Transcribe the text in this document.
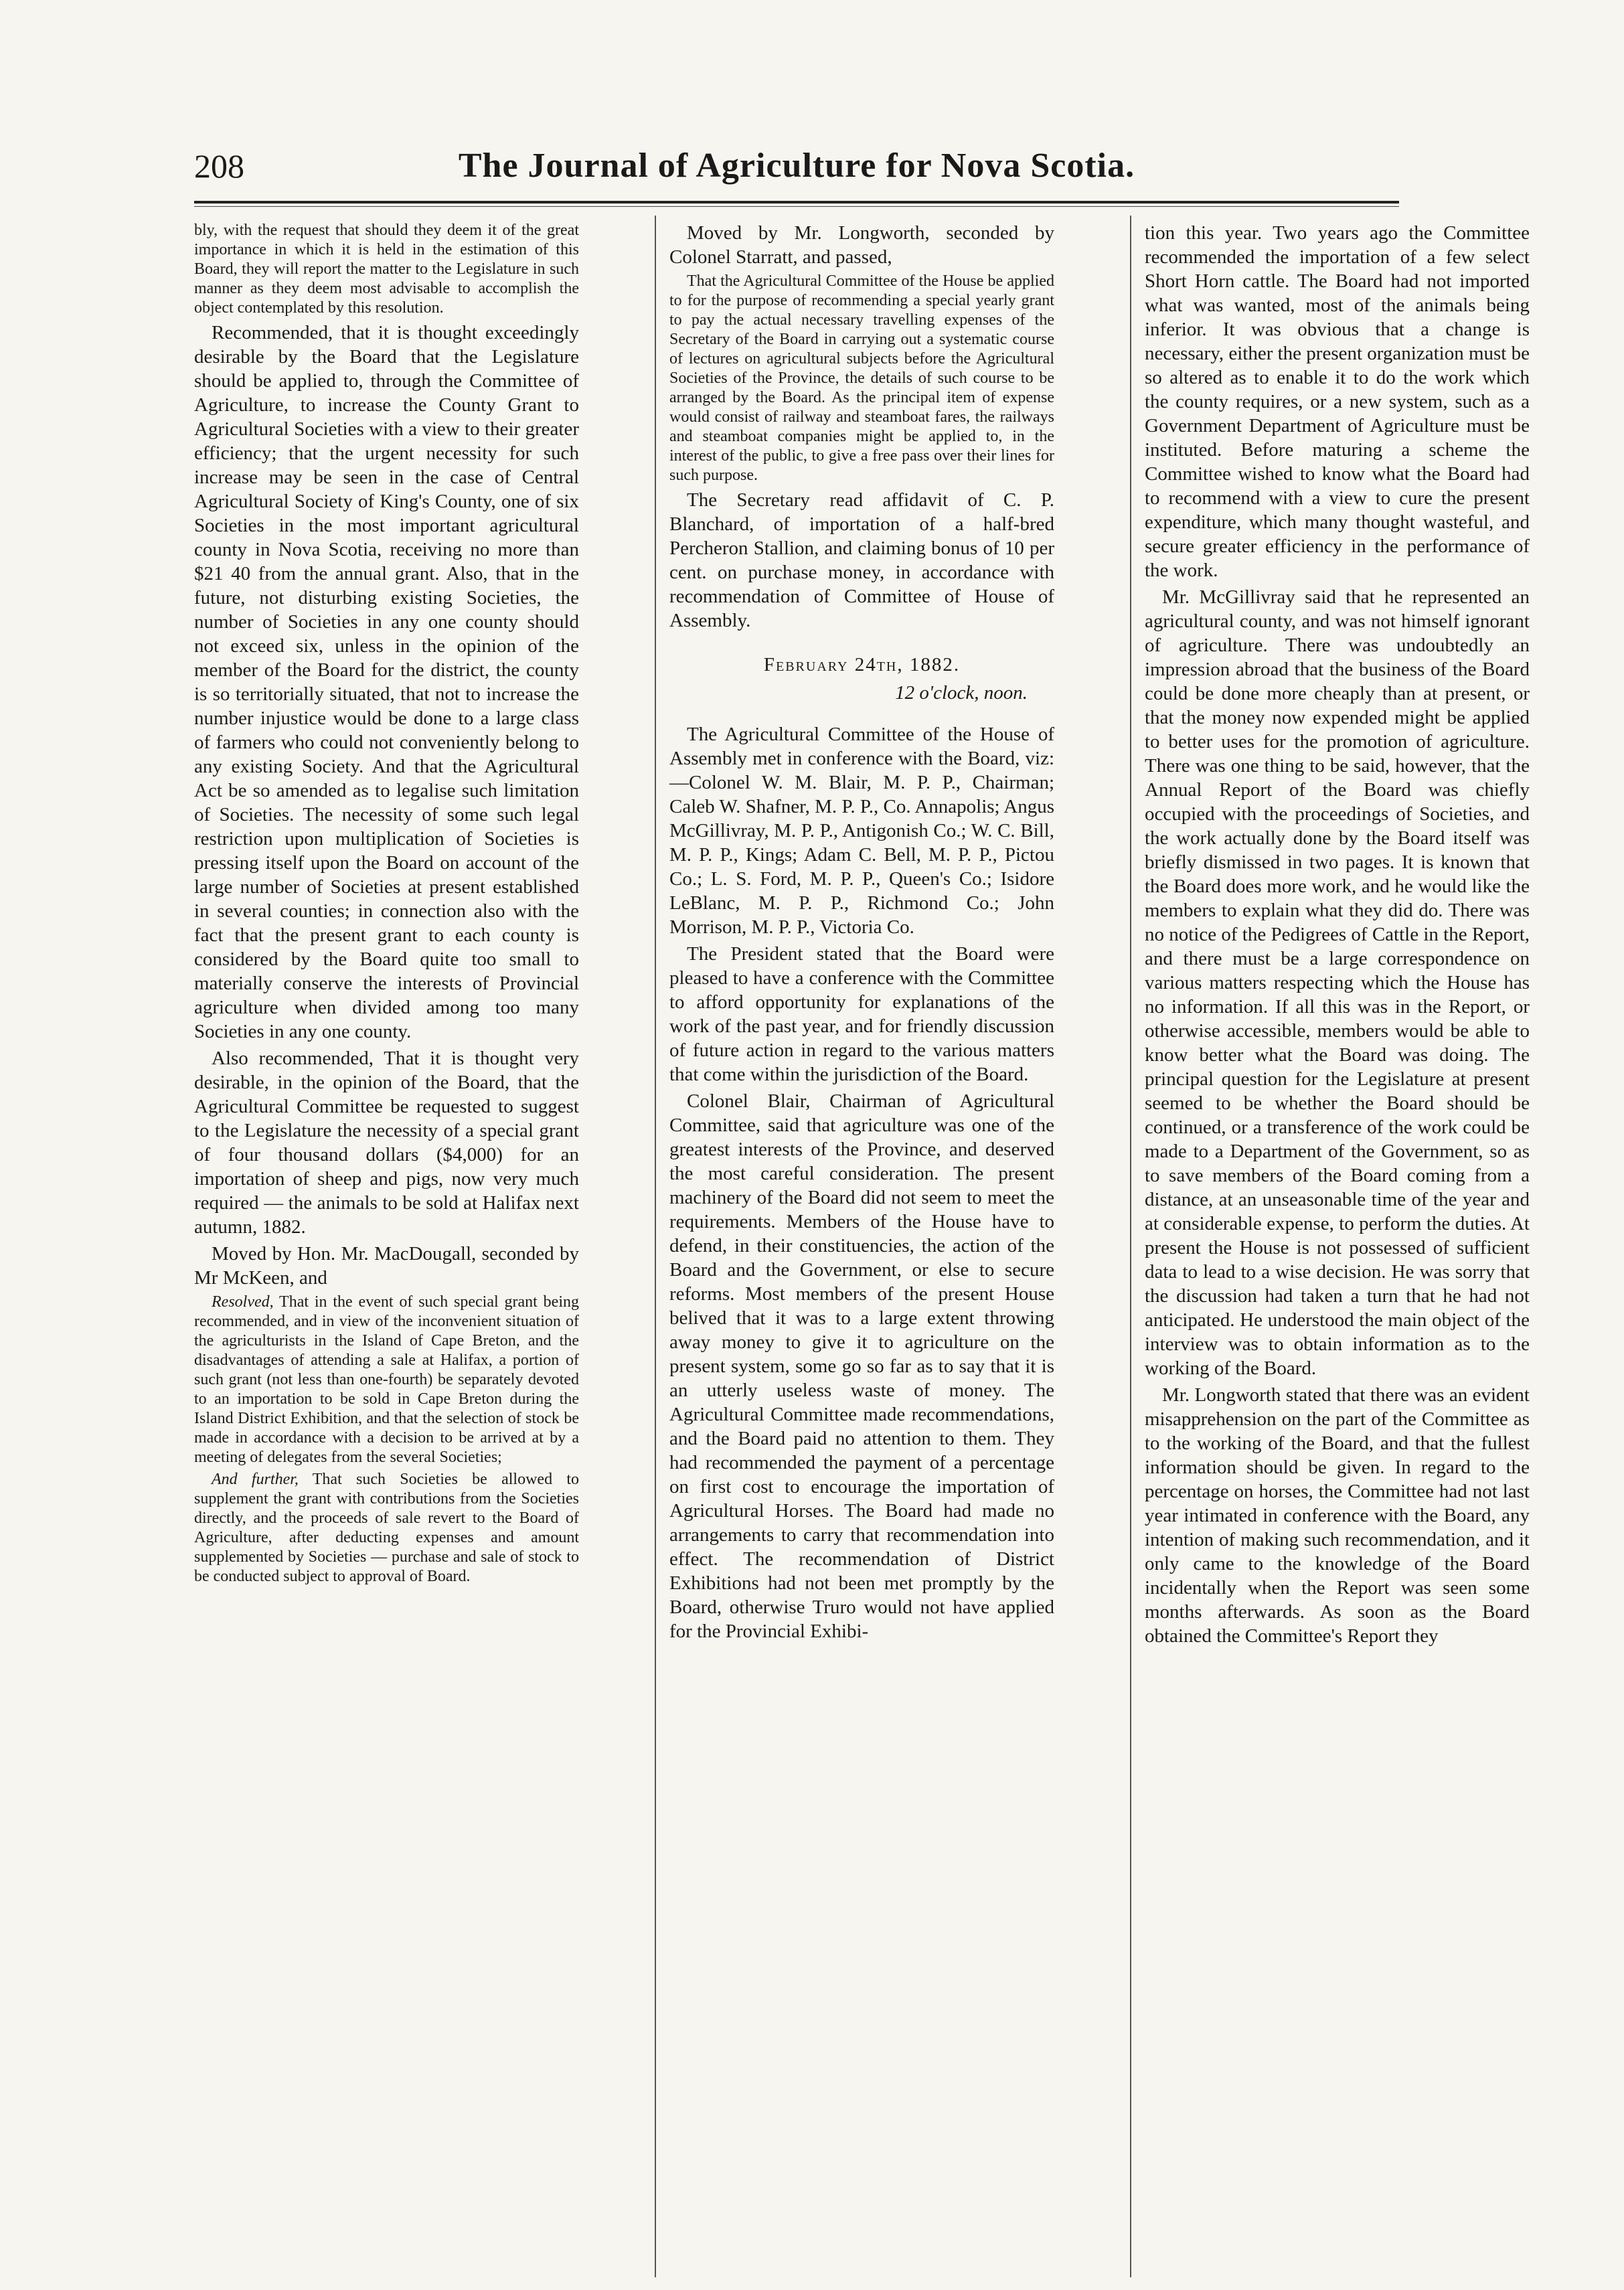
208	The Journal of Agriculture for Nova Scotia.

bly, with the request that should they deem it of the great importance in which it is held in the estimation of this Board, they will report the matter to the Legislature in such manner as they deem most advisable to accomplish the object contemplated by this resolution.

Recommended, that it is thought exceedingly desirable by the Board that the Legislature should be applied to, through the Committee of Agriculture, to increase the County Grant to Agricultural Societies with a view to their greater efficiency; that the urgent necessity for such increase may be seen in the case of Central Agricultural Society of King's County, one of six Societies in the most important agricultural county in Nova Scotia, receiving no more than $21 40 from the annual grant. Also, that in the future, not disturbing existing Societies, the number of Societies in any one county should not exceed six, unless in the opinion of the member of the Board for the district, the county is so territorially situated, that not to increase the number injustice would be done to a large class of farmers who could not conveniently belong to any existing Society. And that the Agricultural Act be so amended as to legalise such limitation of Societies. The necessity of some such legal restriction upon multiplication of Societies is pressing itself upon the Board on account of the large number of Societies at present established in several counties; in connection also with the fact that the present grant to each county is considered by the Board quite too small to materially conserve the interests of Provincial agriculture when divided among too many Societies in any one county.

Also recommended, That it is thought very desirable, in the opinion of the Board, that the Agricultural Committee be requested to suggest to the Legislature the necessity of a special grant of four thousand dollars ($4,000) for an importation of sheep and pigs, now very much required — the animals to be sold at Halifax next autumn, 1882.

Moved by Hon. Mr. MacDougall, seconded by Mr McKeen, and

Resolved, That in the event of such special grant being recommended, and in view of the inconvenient situation of the agriculturists in the Island of Cape Breton, and the disadvantages of attending a sale at Halifax, a portion of such grant (not less than one-fourth) be separately devoted to an importation to be sold in Cape Breton during the Island District Exhibition, and that the selection of stock be made in accordance with a decision to be arrived at by a meeting of delegates from the several Societies;

And further, That such Societies be allowed to supplement the grant with contributions from the Societies directly, and the proceeds of sale revert to the Board of Agriculture, after deducting expenses and amount supplemented by Societies — purchase and sale of stock to be conducted subject to approval of Board.

Moved by Mr. Longworth, seconded by Colonel Starratt, and passed,

That the Agricultural Committee of the House be applied to for the purpose of recommending a special yearly grant to pay the actual necessary travelling expenses of the Secretary of the Board in carrying out a systematic course of lectures on agricultural subjects before the Agricultural Societies of the Province, the details of such course to be arranged by the Board. As the principal item of expense would consist of railway and steamboat fares, the railways and steamboat companies might be applied to, in the interest of the public, to give a free pass over their lines for such purpose.

The Secretary read affidavit of C. P. Blanchard, of importation of a half-bred Percheron Stallion, and claiming bonus of 10 per cent. on purchase money, in accordance with recommendation of Committee of House of Assembly.

February 24th, 1882.

12 o'clock, noon.

The Agricultural Committee of the House of Assembly met in conference with the Board, viz:—Colonel W. M. Blair, M. P. P., Chairman; Caleb W. Shafner, M. P. P., Co. Annapolis; Angus McGillivray, M. P. P., Antigonish Co.; W. C. Bill, M. P. P., Kings; Adam C. Bell, M. P. P., Pictou Co.; L. S. Ford, M. P. P., Queen's Co.; Isidore LeBlanc, M. P. P., Richmond Co.; John Morrison, M. P. P., Victoria Co.

The President stated that the Board were pleased to have a conference with the Committee to afford opportunity for explanations of the work of the past year, and for friendly discussion of future action in regard to the various matters that come within the jurisdiction of the Board.

Colonel Blair, Chairman of Agricultural Committee, said that agriculture was one of the greatest interests of the Province, and deserved the most careful consideration. The present machinery of the Board did not seem to meet the requirements. Members of the House have to defend, in their constituencies, the action of the Board and the Government, or else to secure reforms. Most members of the present House belived that it was to a large extent throwing away money to give it to agriculture on the present system, some go so far as to say that it is an utterly useless waste of money. The Agricultural Committee made recommendations, and the Board paid no attention to them. They had recommended the payment of a percentage on first cost to encourage the importation of Agricultural Horses. The Board had made no arrangements to carry that recommendation into effect. The recommendation of District Exhibitions had not been met promptly by the Board, otherwise Truro would not have applied for the Provincial Exhibi-

tion this year. Two years ago the Committee recommended the importation of a few select Short Horn cattle. The Board had not imported what was wanted, most of the animals being inferior. It was obvious that a change is necessary, either the present organization must be so altered as to enable it to do the work which the county requires, or a new system, such as a Government Department of Agriculture must be instituted. Before maturing a scheme the Committee wished to know what the Board had to recommend with a view to cure the present expenditure, which many thought wasteful, and secure greater efficiency in the performance of the work.

Mr. McGillivray said that he represented an agricultural county, and was not himself ignorant of agriculture. There was undoubtedly an impression abroad that the business of the Board could be done more cheaply than at present, or that the money now expended might be applied to better uses for the promotion of agriculture. There was one thing to be said, however, that the Annual Report of the Board was chiefly occupied with the proceedings of Societies, and the work actually done by the Board itself was briefly dismissed in two pages. It is known that the Board does more work, and he would like the members to explain what they did do. There was no notice of the Pedigrees of Cattle in the Report, and there must be a large correspondence on various matters respecting which the House has no information. If all this was in the Report, or otherwise accessible, members would be able to know better what the Board was doing. The principal question for the Legislature at present seemed to be whether the Board should be continued, or a transference of the work could be made to a Department of the Government, so as to save members of the Board coming from a distance, at an unseasonable time of the year and at considerable expense, to perform the duties. At present the House is not possessed of sufficient data to lead to a wise decision. He was sorry that the discussion had taken a turn that he had not anticipated. He understood the main object of the interview was to obtain information as to the working of the Board.

Mr. Longworth stated that there was an evident misapprehension on the part of the Committee as to the working of the Board, and that the fullest information should be given. In regard to the percentage on horses, the Committee had not last year intimated in conference with the Board, any intention of making such recommendation, and it only came to the knowledge of the Board incidentally when the Report was seen some months afterwards. As soon as the Board obtained the Committee's Report they
